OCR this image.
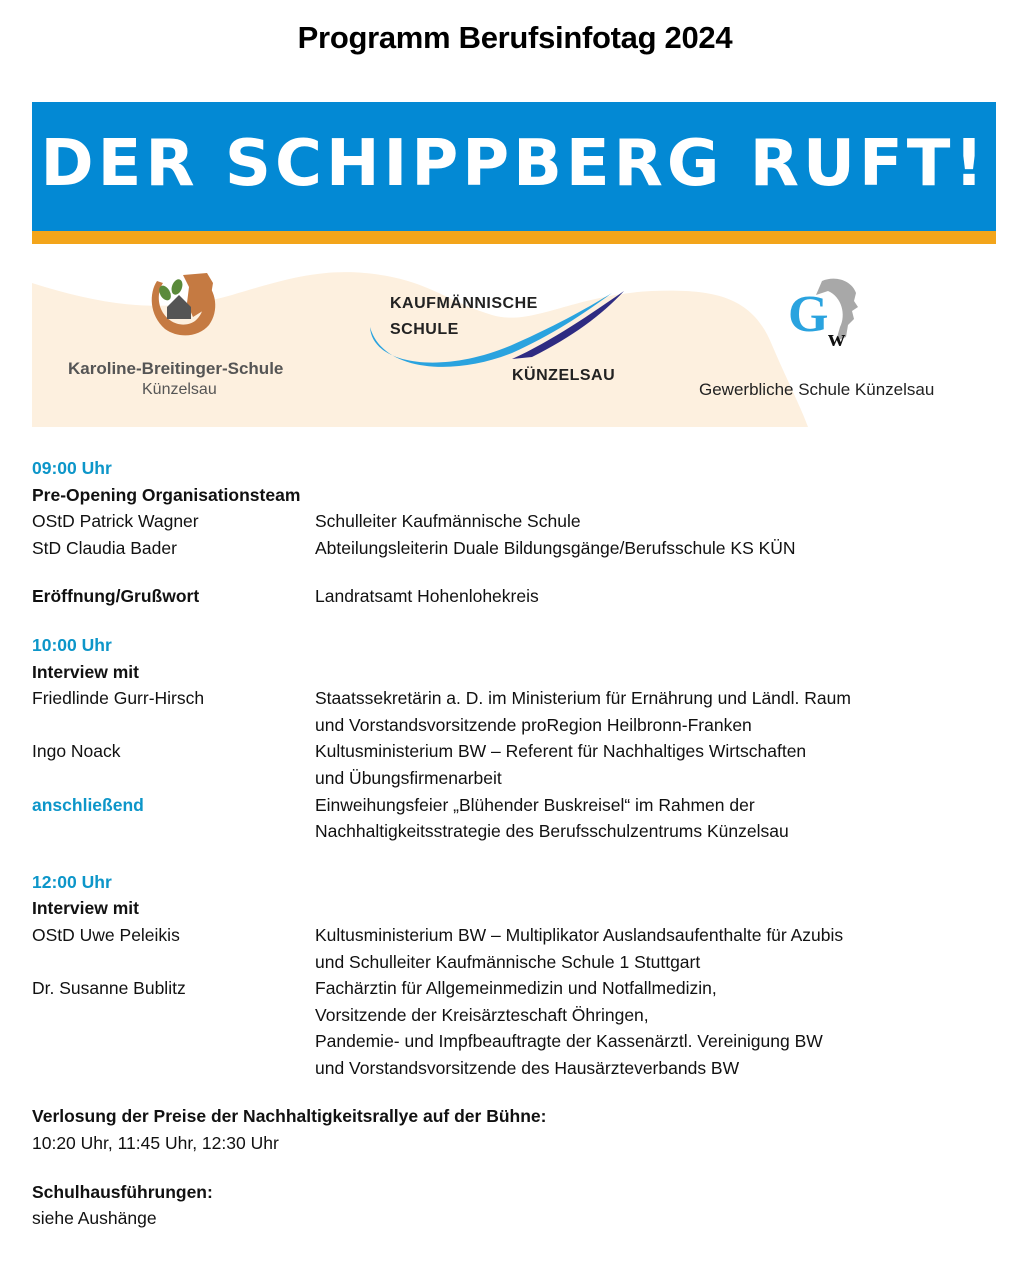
Programm Berufsinfotag 2024
DER SCHIPPBERG RUFT!
Karoline-Breitinger-Schule
Künzelsau
KAUFMÄNNISCHE
SCHULE
KÜNZELSAU
G w
Gewerbliche Schule Künzelsau
09:00 Uhr
Pre-Opening Organisationsteam
OStD Patrick Wagner	Schulleiter Kaufmännische Schule
StD Claudia Bader	Abteilungsleiterin Duale Bildungsgänge/Berufsschule KS KÜN
Eröffnung/Grußwort	Landratsamt Hohenlohekreis
10:00 Uhr
Interview mit
Friedlinde Gurr-Hirsch	Staatssekretärin a. D. im Ministerium für Ernährung und Ländl. Raum
und Vorstandsvorsitzende proRegion Heilbronn-Franken
Ingo Noack	Kultusministerium BW – Referent für Nachhaltiges Wirtschaften
und Übungsfirmenarbeit
anschließend	Einweihungsfeier „Blühender Buskreisel“ im Rahmen der
Nachhaltigkeitsstrategie des Berufsschulzentrums Künzelsau
12:00 Uhr
Interview mit
OStD Uwe Peleikis	Kultusministerium BW – Multiplikator Auslandsaufenthalte für Azubis
und Schulleiter Kaufmännische Schule 1 Stuttgart
Dr. Susanne Bublitz	Fachärztin für Allgemeinmedizin und Notfallmedizin,
Vorsitzende der Kreisärzteschaft Öhringen,
Pandemie- und Impfbeauftragte der Kassenärztl. Vereinigung BW
und Vorstandsvorsitzende des Hausärzteverbands BW
Verlosung der Preise der Nachhaltigkeitsrallye auf der Bühne:
10:20 Uhr, 11:45 Uhr, 12:30 Uhr
Schulhausführungen:
siehe Aushänge
